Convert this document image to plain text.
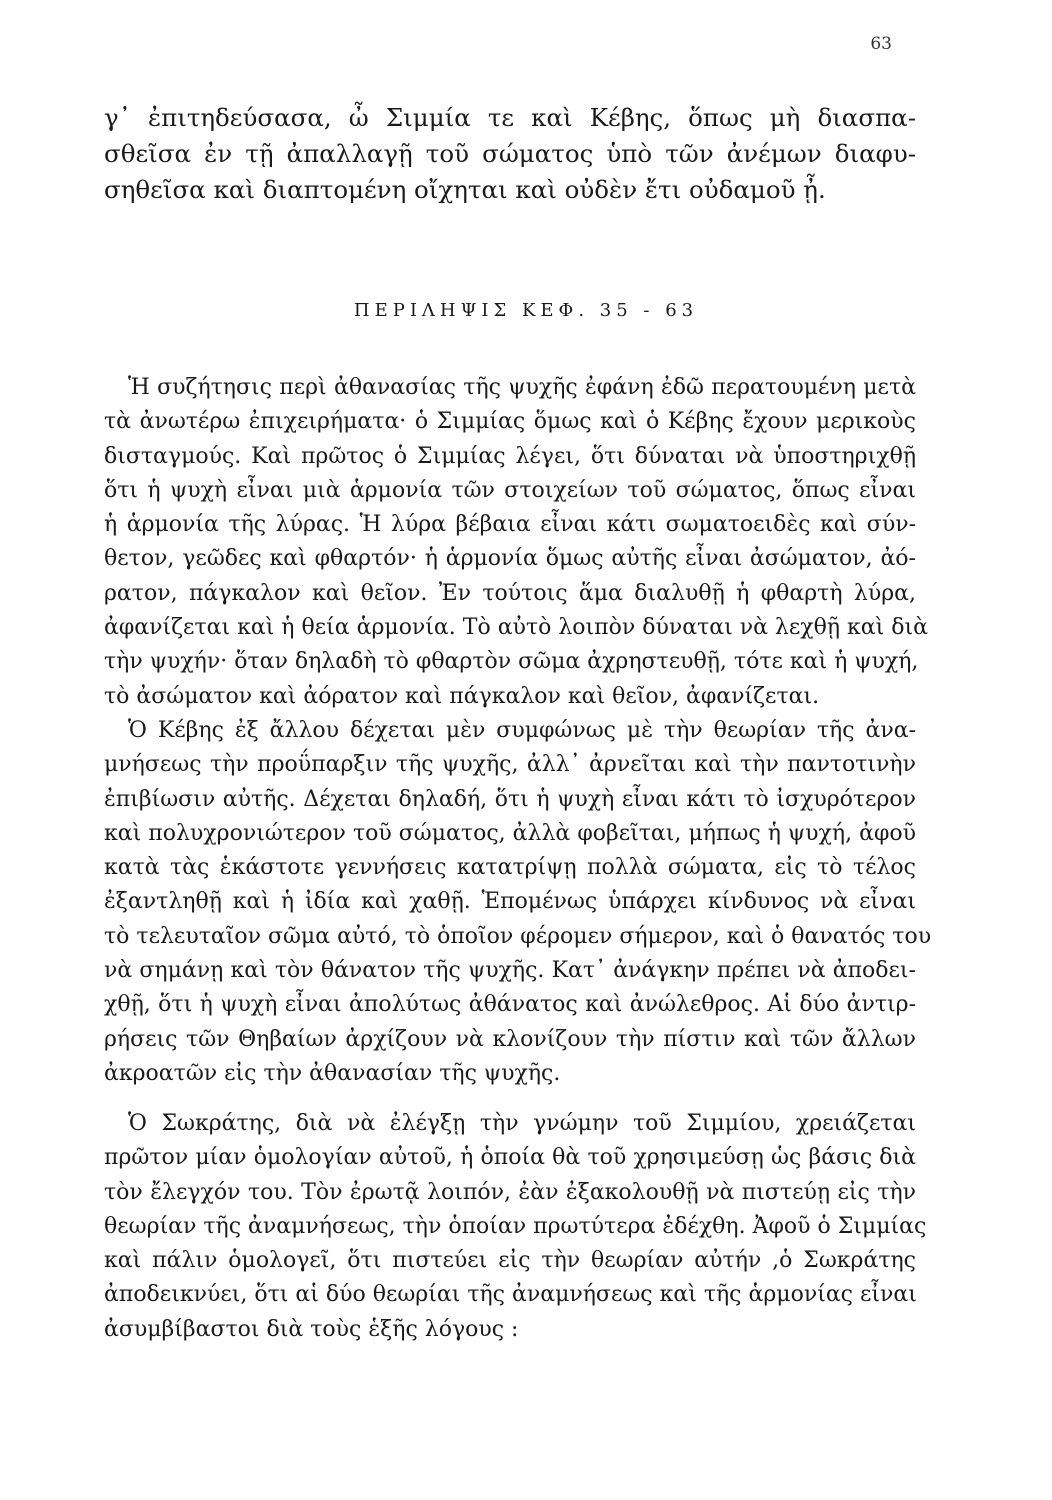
63
γ᾽ ἐπιτηδεύσασα, ὦ Σιμμία τε καὶ Κέβης, ὅπως μὴ διασπα-
σθεῖσα ἐν τῇ ἀπαλλαγῇ τοῦ σώματος ὑπὸ τῶν ἀνέμων διαφυ-
σηθεῖσα καὶ διαπτομένη οἴχηται καὶ οὐδὲν ἔτι οὐδαμοῦ ᾖ.
ΠΕΡΙΛΗΨΙΣ ΚΕΦ. 35 - 63
Ἡ συζήτησις περὶ ἀθανασίας τῆς ψυχῆς ἐφάνη ἐδῶ περατουμένη μετὰ
τὰ ἀνωτέρω ἐπιχειρήματα· ὁ Σιμμίας ὅμως καὶ ὁ Κέβης ἔχουν μερικοὺς
δισταγμούς. Καὶ πρῶτος ὁ Σιμμίας λέγει, ὅτι δύναται νὰ ὑποστηριχθῇ
ὅτι ἡ ψυχὴ εἶναι μιὰ ἁρμονία τῶν στοιχείων τοῦ σώματος, ὅπως εἶναι
ἡ ἁρμονία τῆς λύρας. Ἡ λύρα βέβαια εἶναι κάτι σωματοειδὲς καὶ σύν-
θετον, γεῶδες καὶ φθαρτόν· ἡ ἁρμονία ὅμως αὐτῆς εἶναι ἀσώματον, ἀό-
ρατον, πάγκαλον καὶ θεῖον. Ἐν τούτοις ἅμα διαλυθῇ ἡ φθαρτὴ λύρα,
ἀφανίζεται καὶ ἡ θεία ἁρμονία. Τὸ αὐτὸ λοιπὸν δύναται νὰ λεχθῇ καὶ διὰ
τὴν ψυχήν· ὅταν δηλαδὴ τὸ φθαρτὸν σῶμα ἀχρηστευθῇ, τότε καὶ ἡ ψυχή,
τὸ ἀσώματον καὶ ἀόρατον καὶ πάγκαλον καὶ θεῖον, ἀφανίζεται.
Ὁ Κέβης ἐξ ἄλλου δέχεται μὲν συμφώνως μὲ τὴν θεωρίαν τῆς ἀνα-
μνήσεως τὴν προΰπαρξιν τῆς ψυχῆς, ἀλλ᾽ ἀρνεῖται καὶ τὴν παντοτινὴν
ἐπιβίωσιν αὐτῆς. Δέχεται δηλαδή, ὅτι ἡ ψυχὴ εἶναι κάτι τὸ ἰσχυρότερον
καὶ πολυχρονιώτερον τοῦ σώματος, ἀλλὰ φοβεῖται, μήπως ἡ ψυχή, ἀφοῦ
κατὰ τὰς ἑκάστοτε γεννήσεις κατατρίψῃ πολλὰ σώματα, εἰς τὸ τέλος
ἐξαντληθῇ καὶ ἡ ἰδία καὶ χαθῇ. Ἑπομένως ὑπάρχει κίνδυνος νὰ εἶναι
τὸ τελευταῖον σῶμα αὐτό, τὸ ὁποῖον φέρομεν σήμερον, καὶ ὁ θανατός του
νὰ σημάνῃ καὶ τὸν θάνατον τῆς ψυχῆς. Κατ᾽ ἀνάγκην πρέπει νὰ ἀποδει-
χθῇ, ὅτι ἡ ψυχὴ εἶναι ἀπολύτως ἀθάνατος καὶ ἀνώλεθρος. Αἱ δύο ἀντιρ-
ρήσεις τῶν Θηβαίων ἀρχίζουν νὰ κλονίζουν τὴν πίστιν καὶ τῶν ἄλλων
ἀκροατῶν εἰς τὴν ἀθανασίαν τῆς ψυχῆς.
Ὁ Σωκράτης, διὰ νὰ ἐλέγξῃ τὴν γνώμην τοῦ Σιμμίου, χρειάζεται
πρῶτον μίαν ὁμολογίαν αὐτοῦ, ἡ ὁποία θὰ τοῦ χρησιμεύσῃ ὡς βάσις διὰ
τὸν ἔλεγχόν του. Τὸν ἐρωτᾷ λοιπόν, ἐὰν ἐξακολουθῇ νὰ πιστεύῃ εἰς τὴν
θεωρίαν τῆς ἀναμνήσεως, τὴν ὁποίαν πρωτύτερα ἐδέχθη. Ἀφοῦ ὁ Σιμμίας
καὶ πάλιν ὁμολογεῖ, ὅτι πιστεύει εἰς τὴν θεωρίαν αὐτήν ,ὁ Σωκράτης
ἀποδεικνύει, ὅτι αἱ δύο θεωρίαι τῆς ἀναμνήσεως καὶ τῆς ἁρμονίας εἶναι
ἀσυμβίβαστοι διὰ τοὺς ἑξῆς λόγους :
